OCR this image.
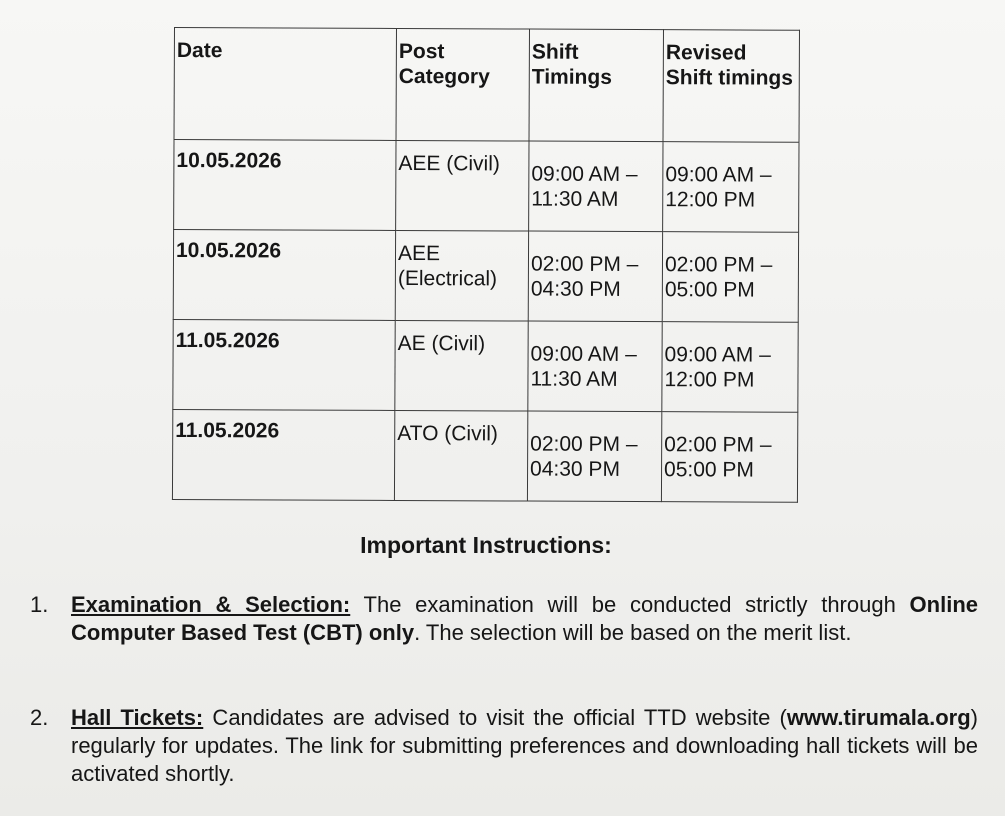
Date	Post Category	Shift Timings	Revised Shift timings
10.05.2026	AEE (Civil)	09:00 AM – 11:30 AM	09:00 AM – 12:00 PM
10.05.2026	AEE (Electrical)	02:00 PM – 04:30 PM	02:00 PM – 05:00 PM
11.05.2026	AE (Civil)	09:00 AM – 11:30 AM	09:00 AM – 12:00 PM
11.05.2026	ATO (Civil)	02:00 PM – 04:30 PM	02:00 PM – 05:00 PM
Important Instructions:
1. Examination & Selection: The examination will be conducted strictly through Online Computer Based Test (CBT) only. The selection will be based on the merit list.
2. Hall Tickets: Candidates are advised to visit the official TTD website (www.tirumala.org) regularly for updates. The link for submitting preferences and downloading hall tickets will be activated shortly.
